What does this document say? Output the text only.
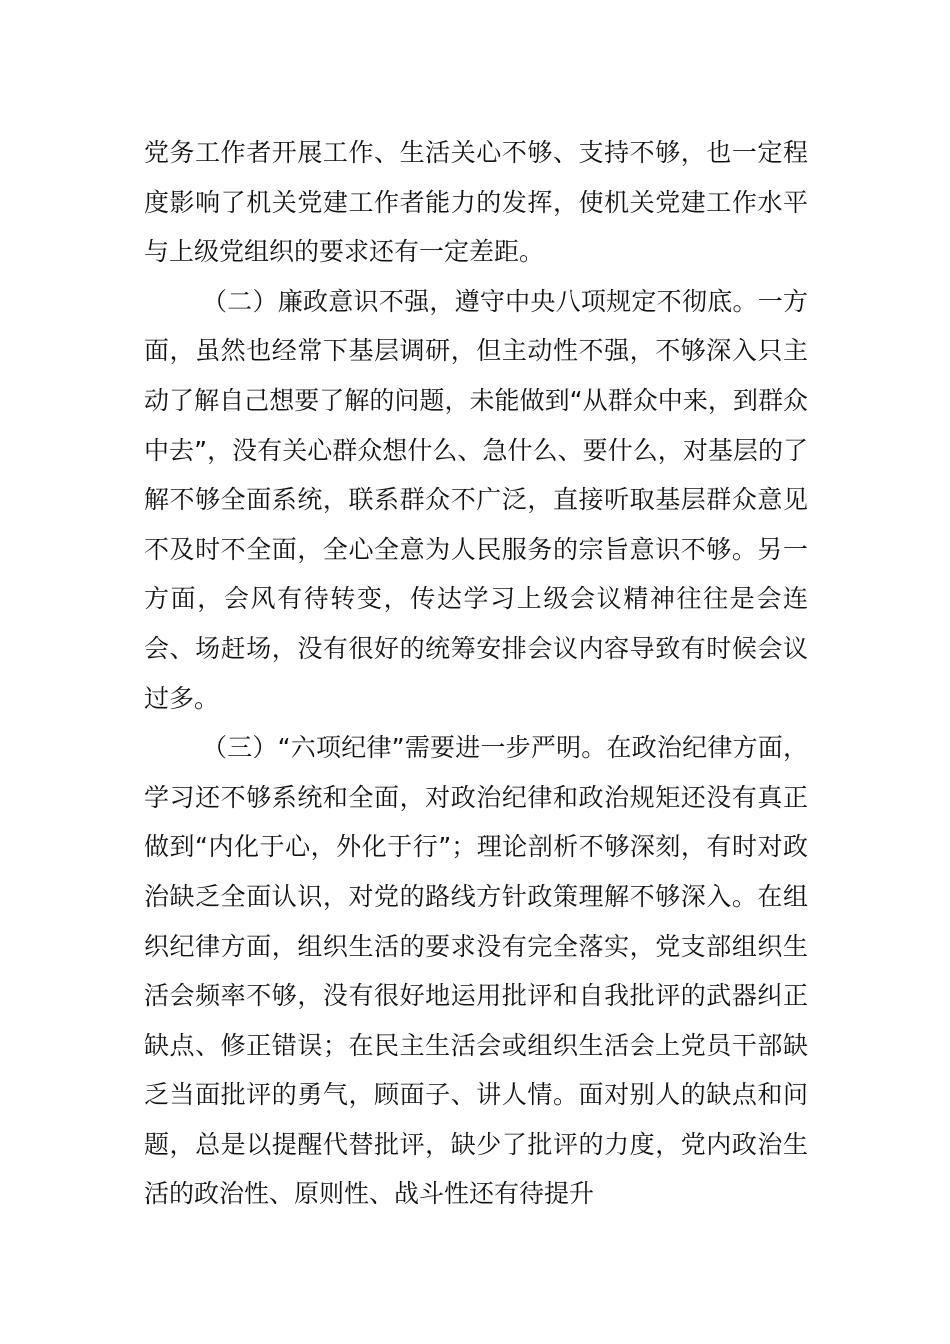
党务工作者开展工作、生活关心不够、支持不够，也一定程度影响了机关党建工作者能力的发挥，使机关党建工作水平与上级党组织的要求还有一定差距。

（二）廉政意识不强，遵守中央八项规定不彻底。一方面，虽然也经常下基层调研，但主动性不强，不够深入只主动了解自己想要了解的问题，未能做到“从群众中来，到群众中去”，没有关心群众想什么、急什么、要什么，对基层的了解不够全面系统，联系群众不广泛，直接听取基层群众意见不及时不全面，全心全意为人民服务的宗旨意识不够。另一方面，会风有待转变，传达学习上级会议精神往往是会连会、场赶场，没有很好的统筹安排会议内容导致有时候会议过多。

（三）“六项纪律”需要进一步严明。在政治纪律方面，学习还不够系统和全面，对政治纪律和政治规矩还没有真正做到“内化于心，外化于行”；理论剖析不够深刻，有时对政治缺乏全面认识，对党的路线方针政策理解不够深入。在组织纪律方面，组织生活的要求没有完全落实，党支部组织生活会频率不够，没有很好地运用批评和自我批评的武器纠正缺点、修正错误；在民主生活会或组织生活会上党员干部缺乏当面批评的勇气，顾面子、讲人情。面对别人的缺点和问题，总是以提醒代替批评，缺少了批评的力度，党内政治生活的政治性、原则性、战斗性还有待提升
